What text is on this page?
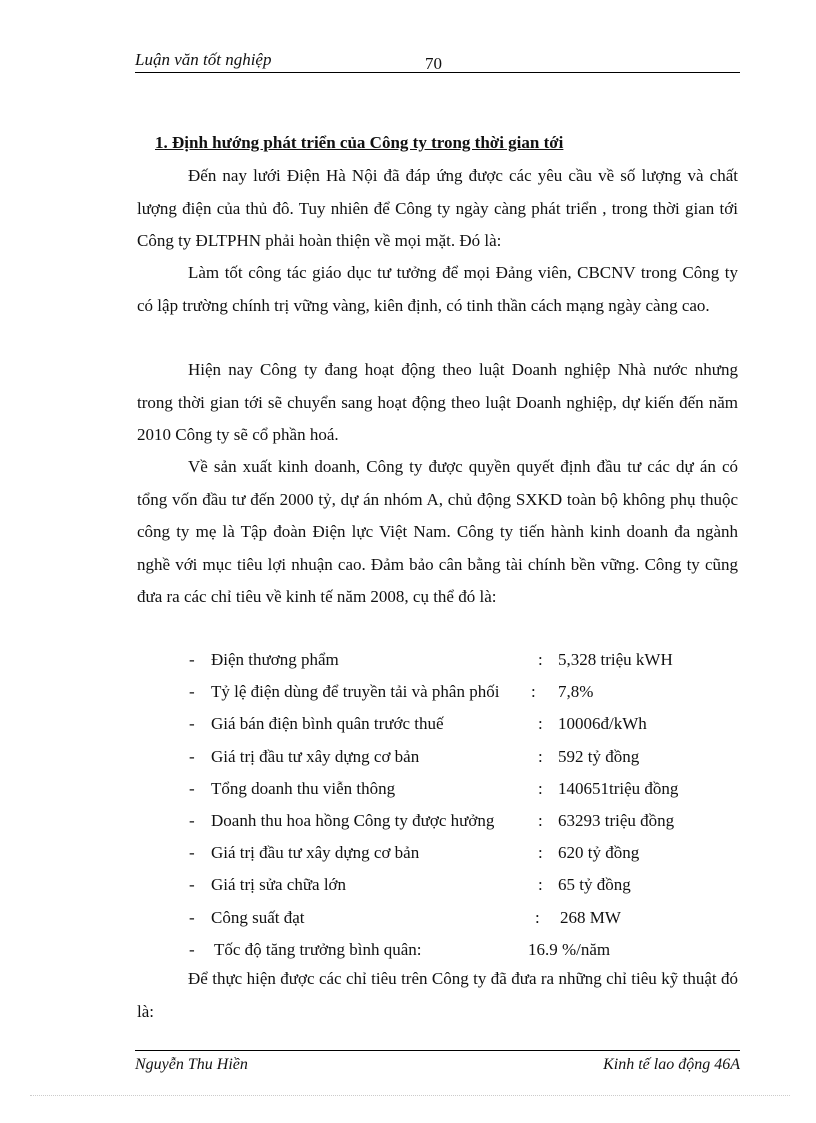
Luận văn tốt nghiệp	70
1. Định hướng phát triển của Công ty trong thời gian tới

Đến nay lưới Điện Hà Nội đã đáp ứng được các yêu cầu về số lượng và chất lượng điện của thủ đô. Tuy nhiên để Công ty ngày càng phát triển , trong thời gian tới Công ty ĐLTPHN phải hoàn thiện về mọi mặt. Đó là:

Làm tốt công tác giáo dục tư tưởng để mọi Đảng viên, CBCNV trong Công ty có lập trường chính trị vững vàng, kiên định, có tinh thần cách mạng ngày càng cao.

Hiện nay Công ty đang hoạt động theo luật Doanh nghiệp Nhà nước nhưng trong thời gian tới sẽ chuyển sang hoạt động theo luật Doanh nghiệp, dự kiến đến năm 2010 Công ty sẽ cổ phần hoá.

Về sản xuất kinh doanh, Công ty được quyền quyết định đầu tư các dự án có tổng vốn đầu tư đến 2000 tỷ, dự án nhóm A, chủ động SXKD toàn bộ không phụ thuộc công ty mẹ là Tập đoàn Điện lực Việt Nam. Công ty tiến hành kinh doanh đa ngành nghề với mục tiêu lợi nhuận cao. Đảm bảo cân bằng tài chính bền vững. Công ty cũng đưa ra các chỉ tiêu về kinh tế năm 2008, cụ thể đó là:

- Điện thương phẩm	: 5,328 triệu kWH
- Tỷ lệ điện dùng để truyền tải và phân phối : 7,8%
- Giá bán điện bình quân trước thuế	: 10006đ/kWh
- Giá trị đầu tư xây dựng cơ bản	: 592 tỷ đồng
- Tổng doanh thu viễn thông	: 140651triệu đồng
- Doanh thu hoa hồng Công ty được hưởng	: 63293 triệu đồng
- Giá trị đầu tư xây dựng cơ bản	: 620 tỷ đồng
- Giá trị sửa chữa lớn	: 65 tỷ đồng
- Công suất đạt	: 268 MW
- Tốc độ tăng trưởng bình quân:	16.9 %/năm

Để thực hiện được các chỉ tiêu trên Công ty đã đưa ra những chỉ tiêu kỹ thuật đó là:

Nguyễn Thu Hiền	Kinh tế lao động 46A
